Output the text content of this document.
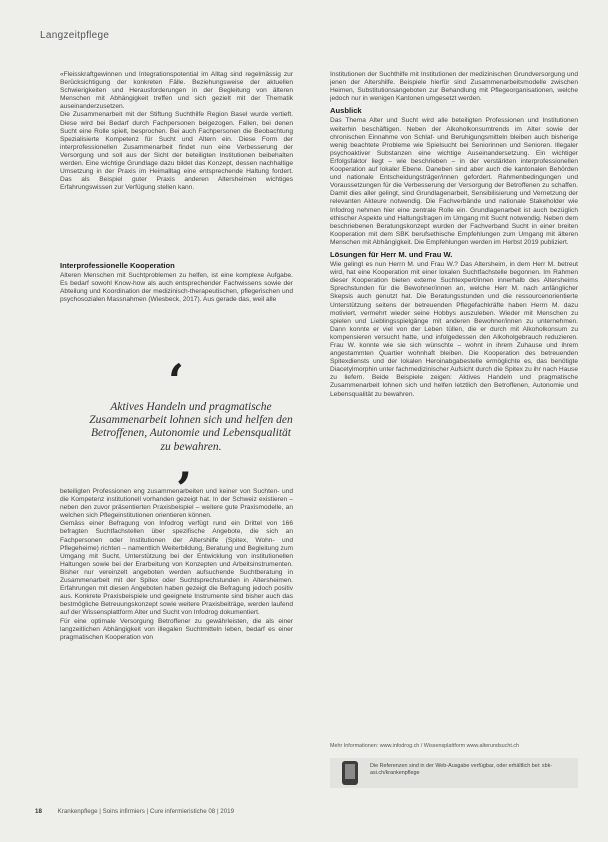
Langzeitpflege

«Fleisskraftgewinnen und Integrationspotential im Alltag sind regelmässig zur Berücksichtigung der konkreten Fälle. Beziehungsweise der aktuellen Schwierigkeiten und Herausforderungen in der Begleitung von älteren Menschen mit Abhängigkeit treffen und sich gezielt mit der Thematik auseinanderzusetzen.

Die Zusammenarbeit mit der Stiftung Suchthilfe Region Basel wurde vertieft. Diese wird bei Bedarf durch Fachpersonen beigezogen. Fallen, bei denen Sucht eine Rolle spielt, besprochen. Bei auch Fachpersonen die Beobachtung Spezialisierte Kompetenz für Sucht und Altern ein. Diese Form der interprofessionellen Zusammenarbeit findet nun eine Verbesserung der Versorgung und soll aus der Sicht der beteiligten Institutionen beibehalten werden. Eine wichtige Grundlage dazu bildet das Konzept, dessen nachhaltige Umsetzung in der Praxis im Heimalltag eine entsprechende Haltung fordert. Das als Beispiel guter Praxis anderen Altersheimen wichtiges Erfahrungswissen zur Verfügung stellen kann.

Interprofessionelle Kooperation

Älteren Menschen mit Suchtproblemen zu helfen, ist eine komplexe Aufgabe. Es bedarf sowohl Know-how als auch entsprechender Fachwissens sowie der Abteilung und Koordination der medizinisch-therapeutischen, pflegerischen und psychosozialen Massnahmen (Wiesbeck, 2017). Aus gerade das, weil alle

‘
Aktives Handeln und pragmatische Zusammenarbeit lohnen sich und helfen den Betroffenen, Autonomie und Lebensqualität zu bewahren.
’

beteiligten Professionen eng zusammenarbeiten und keiner von Suchten- und die Kompetenz institutionell vorhanden gezeigt hat. In der Schweiz existieren – neben den zuvor präsentierten Praxisbeispiel – weitere gute Praxismodelle, an welchen sich Pflegeinstitutionen orientieren können.

Gemäss einer Befragung von Infodrog verfügt rund ein Drittel von 166 befragten Suchtfachstellen über spezifische Angebote, die sich an Fachpersonen oder Institutionen der Altershilfe (Spitex, Wohn- und Pflegeheime) richten – namentlich Weiterbildung, Beratung und Begleitung zum Umgang mit Sucht, Unterstützung bei der Entwicklung von institutionellen Haltungen sowie bei der Erarbeitung von Konzepten und Arbeitsinstrumenten. Bisher nur vereinzelt angeboten werden aufsuchende Suchtberatung in Zusammenarbeit mit der Spitex oder Suchtsprechstunden in Altersheimen. Erfahrungen mit diesen Angeboten haben gezeigt die Befragung jedoch positiv aus. Konkrete Praxisbeispiele und geeignete Instrumente sind bisher auch das bestmögliche Betreuungskonzept sowie weitere Praxisbeiträge, werden laufend auf der Wissensplattform Alter und Sucht von Infodrog dokumentiert.

Für eine optimale Versorgung Betroffener zu gewährleisten, die als einer langzeitlichen Abhängigkeit von illegalen Suchtmitteln leben, bedarf es einer pragmatischen Kooperation von

Institutionen der Suchthilfe mit Institutionen der medizinischen Grundversorgung und jenen der Altershilfe. Beispiele hierfür sind Zusammenarbeitsmodelle zwischen Heimen, Substitutionsangeboten zur Behandlung mit Pflegeorganisationen, welche jedoch nur in wenigen Kantonen umgesetzt werden.

Ausblick

Das Thema Alter und Sucht wird alle beteiligten Professionen und Institutionen weiterhin beschäftigen. Neben der Alkoholkonsumtrends im Alter sowie der chronischen Einnahme von Schlaf- und Beruhigungsmitteln bleiben auch bisherige wenig beachtete Probleme wie Spielsucht bei Seniorinnen und Senioren. Illegaler psychoaktiver Substanzen eine wichtige Auseinandersetzung. Ein wichtiger Erfolgsfaktor liegt – wie beschrieben – in der verstärkten interprofessionellen Kooperation auf lokaler Ebene. Daneben sind aber auch die kantonalen Behörden und nationale Entscheidungsträger/innen gefordert. Rahmenbedingungen und Voraussetzungen für die Verbesserung der Versorgung der Betroffenen zu schaffen. Damit dies aller gelingt, sind Grundlagenarbeit, Sensibilisierung und Vernetzung der relevanten Akteure notwendig. Die Fachverbände und nationale Stakeholder wie Infodrog nehmen hier eine zentrale Rolle ein. Grundlagenarbeit ist auch bezüglich ethischer Aspekte und Haltungsfragen im Umgang mit Sucht notwendig. Neben dem beschriebenen Beratungskonzept wurden der Fachverband Sucht in einer breiten Kooperation mit dem SBK berufsethische Empfehlungen zum Umgang mit älteren Menschen mit Abhängigkeit. Die Empfehlungen werden im Herbst 2019 publiziert.

Lösungen für Herr M. und Frau W.

Wie gelingt es nun Herrn M. und Frau W.? Das Altersheim, in dem Herr M. betreut wird, hat eine Kooperation mit einer lokalen Suchtfachstelle begonnen. Im Rahmen dieser Kooperation bieten externe Suchtexpert/innen innerhalb des Altersheims Sprechstunden für die Bewohner/innen an, welche Herr M. nach anfänglicher Skepsis auch genutzt hat. Die Beratungsstunden und die ressourcenorientierte Unterstützung seitens der betreuenden Pflegefachkräfte haben Herrn M. dazu motiviert, vermehrt wieder seine Hobbys auszuleben. Wieder mit Menschen zu spielen und Lieblingsspielgänge mit anderen Bewohner/innen zu unternehmen. Dann konnte er viel von der Leben tüllen, die er durch mit Alkoholkonsum zu kompensieren versucht hatte, und infolgedessen den Alkoholgebrauch reduzieren. Frau W. konnte wie sie sich wünschte – wohnt in ihrem Zuhause und ihrem angestammten Quartier wohnhaft bleiben. Die Kooperation des betreuenden Spitexdiensts und der lokalen Heroinabgabestelle ermöglichte es, das benötigte Diacetylmorphin unter fachmedizinischer Aufsicht durch die Spitex zu ihr nach Hause zu liefern. Beide Beispiele zeigen: Aktives Handeln und pragmatische Zusammenarbeit lohnen sich und helfen letztlich den Betroffenen, Autonomie und Lebensqualität zu bewahren.

Mehr Informationen: www.infodrog.ch / Wissensplattform www.alterundsucht.ch
Die Referenzen sind in der Web-Ausgabe verfügbar, oder erhältlich bei: sbk-asi.ch/krankenpflege
18	Krankenpflege | Soins infirmiers | Cure infermieristiche 08 | 2019
